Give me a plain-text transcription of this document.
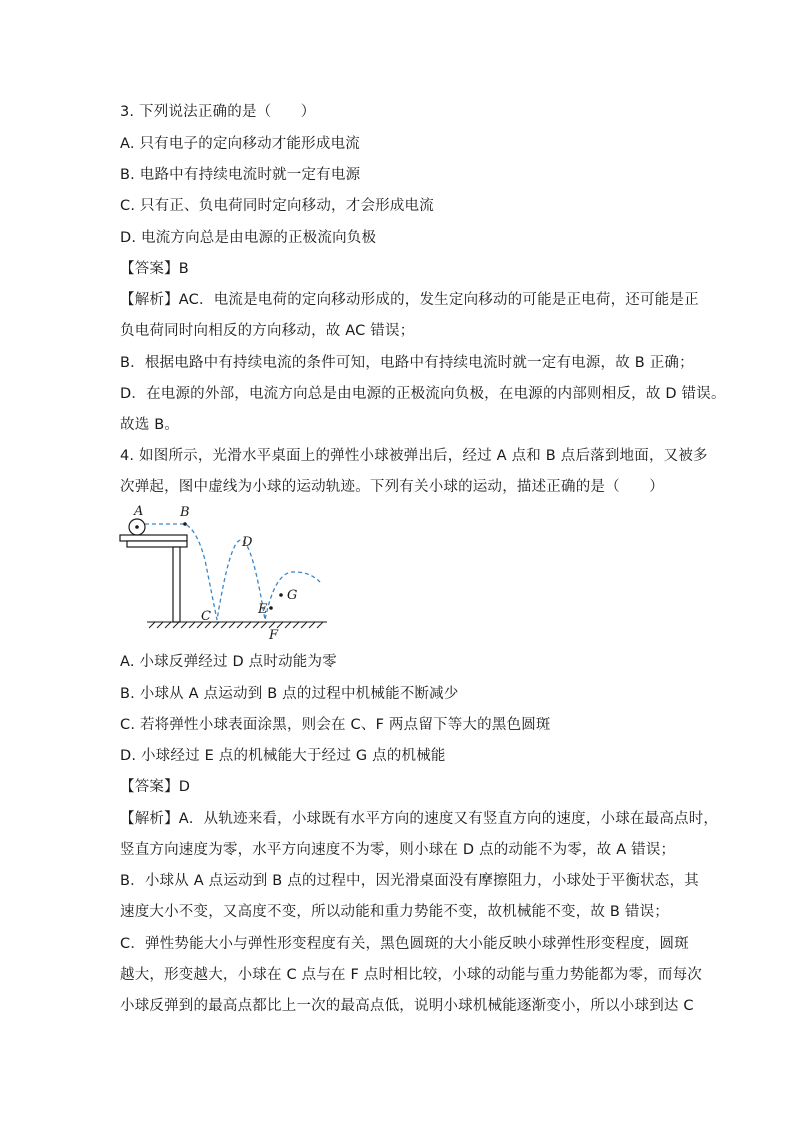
3. 下列说法正确的是（　　）
A. 只有电子的定向移动才能形成电流
B. 电路中有持续电流时就一定有电源
C. 只有正、负电荷同时定向移动，才会形成电流
D. 电流方向总是由电源的正极流向负极
【答案】B
【解析】AC．电流是电荷的定向移动形成的，发生定向移动的可能是正电荷，还可能是正
负电荷同时向相反的方向移动，故 AC 错误；
B．根据电路中有持续电流的条件可知，电路中有持续电流时就一定有电源，故 B 正确；
D．在电源的外部，电流方向总是由电源的正极流向负极，在电源的内部则相反，故 D 错误。
故选 B。
4. 如图所示，光滑水平桌面上的弹性小球被弹出后，经过 A 点和 B 点后落到地面，又被多
次弹起，图中虚线为小球的运动轨迹。下列有关小球的运动，描述正确的是（　　）
A	B
C
D
E
F
G
A. 小球反弹经过 D 点时动能为零
B. 小球从 A 点运动到 B 点的过程中机械能不断减少
C. 若将弹性小球表面涂黑，则会在 C、F 两点留下等大的黑色圆斑
D. 小球经过 E 点的机械能大于经过 G 点的机械能
【答案】D
【解析】A．从轨迹来看，小球既有水平方向的速度又有竖直方向的速度，小球在最高点时，
竖直方向速度为零，水平方向速度不为零，则小球在 D 点的动能不为零，故 A 错误；
B．小球从 A 点运动到 B 点的过程中，因光滑桌面没有摩擦阻力，小球处于平衡状态，其
速度大小不变，又高度不变，所以动能和重力势能不变，故机械能不变，故 B 错误；
C．弹性势能大小与弹性形变程度有关，黑色圆斑的大小能反映小球弹性形变程度，圆斑
越大，形变越大，小球在 C 点与在 F 点时相比较，小球的动能与重力势能都为零，而每次
小球反弹到的最高点都比上一次的最高点低，说明小球机械能逐渐变小，所以小球到达 C
